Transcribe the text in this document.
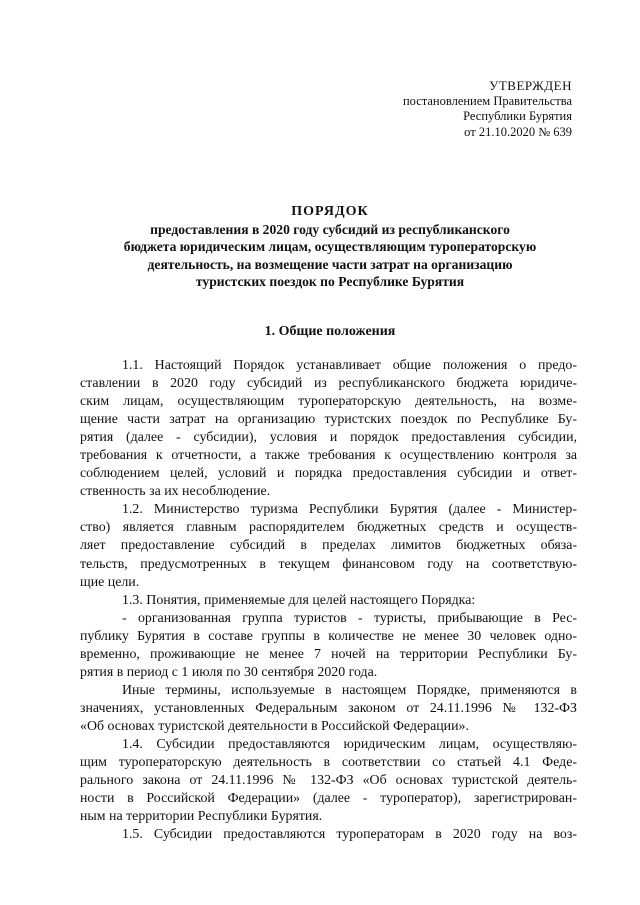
УТВЕРЖДЕН
постановлением Правительства
Республики Бурятия
от 21.10.2020 № 639
ПОРЯДОК
предоставления в 2020 году субсидий из республиканского
бюджета юридическим лицам, осуществляющим туроператорскую
деятельность, на возмещение части затрат на организацию
туристских поездок по Республике Бурятия
1. Общие положения
1.1. Настоящий Порядок устанавливает общие положения о предо-
ставлении в 2020 году субсидий из республиканского бюджета юридиче-
ским лицам, осуществляющим туроператорскую деятельность, на возме-
щение части затрат на организацию туристских поездок по Республике Бу-
рятия (далее - субсидии), условия и порядок предоставления субсидии,
требования к отчетности, а также требования к осуществлению контроля за
соблюдением целей, условий и порядка предоставления субсидии и ответ-
ственность за их несоблюдение.
1.2. Министерство туризма Республики Бурятия (далее - Министер-
ство) является главным распорядителем бюджетных средств и осуществ-
ляет предоставление субсидий в пределах лимитов бюджетных обяза-
тельств, предусмотренных в текущем финансовом году на соответствую-
щие цели.
1.3. Понятия, применяемые для целей настоящего Порядка:
- организованная группа туристов - туристы, прибывающие в Рес-
публику Бурятия в составе группы в количестве не менее 30 человек одно-
временно, проживающие не менее 7 ночей на территории Республики Бу-
рятия в период с 1 июля по 30 сентября 2020 года.
Иные термины, используемые в настоящем Порядке, применяются в
значениях, установленных Федеральным законом от 24.11.1996 № 132-ФЗ
«Об основах туристской деятельности в Российской Федерации».
1.4. Субсидии предоставляются юридическим лицам, осуществляю-
щим туроператорскую деятельность в соответствии со статьей 4.1 Феде-
рального закона от 24.11.1996 № 132-ФЗ «Об основах туристской деятель-
ности в Российской Федерации» (далее - туроператор), зарегистрирован-
ным на территории Республики Бурятия.
1.5. Субсидии предоставляются туроператорам в 2020 году на воз-
